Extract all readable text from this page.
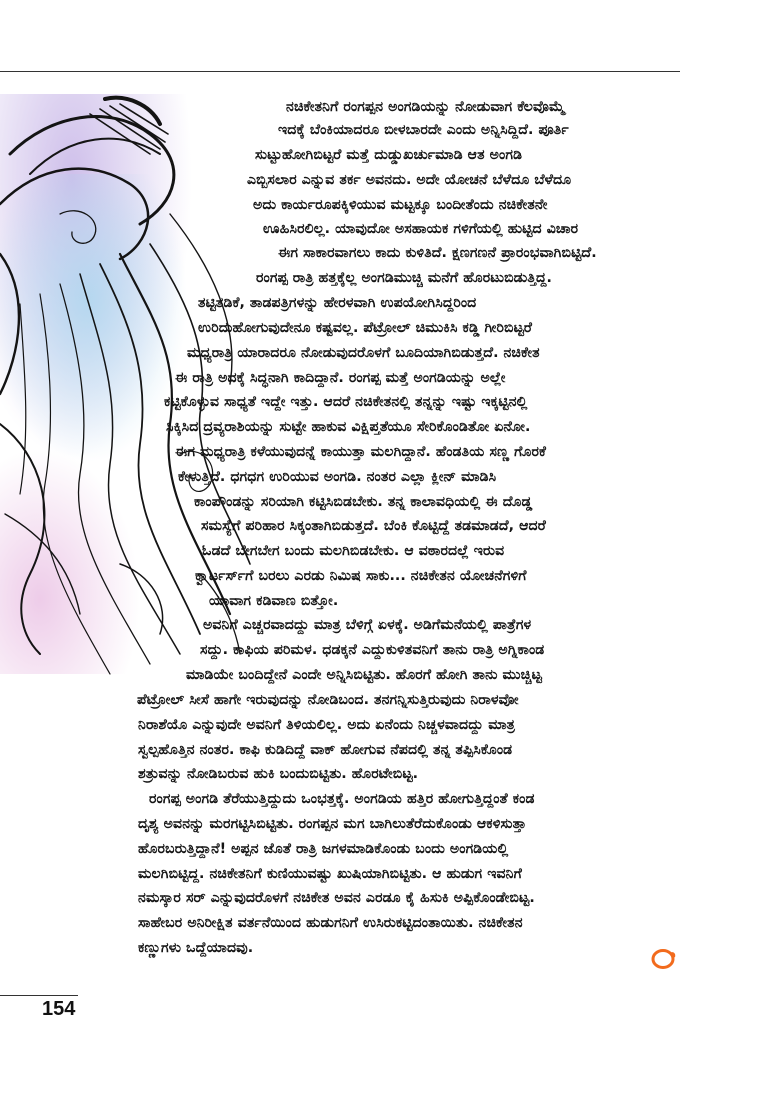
ನಚಿಕೇತನಿಗೆ ರಂಗಪ್ಪನ ಅಂಗಡಿಯನ್ನು ನೋಡುವಾಗ ಕೆಲವೊಮ್ಮೆ
ಇದಕ್ಕೆ ಬೆಂಕಿಯಾದರೂ ಬೀಳಬಾರದೇ ಎಂದು ಅನ್ನಿಸಿದ್ದಿದೆ. ಪೂರ್ತಿ
ಸುಟ್ಟುಹೋಗಿಬಿಟ್ಟರೆ ಮತ್ತೆ ದುಡ್ಡುಖರ್ಚುಮಾಡಿ ಆತ ಅಂಗಡಿ
ಎಬ್ಬಿಸಲಾರ ಎನ್ನುವ ತರ್ಕ ಅವನದು. ಅದೇ ಯೋಚನೆ ಬೆಳೆದೂ ಬೆಳೆದೂ
ಅದು ಕಾರ್ಯರೂಪಕ್ಕಿಳಿಯುವ ಮಟ್ಟಕ್ಕೂ ಬಂದೀತೆಂದು ನಚಿಕೇತನೇ
ಊಹಿಸಿರಲಿಲ್ಲ. ಯಾವುದೋ ಅಸಹಾಯಕ ಗಳಿಗೆಯಲ್ಲಿ ಹುಟ್ಟಿದ ವಿಚಾರ
ಈಗ ಸಾಕಾರವಾಗಲು ಕಾದು ಕುಳಿತಿದೆ. ಕ್ಷಣಗಣನೆ ಪ್ರಾರಂಭವಾಗಿಬಿಟ್ಟಿದೆ.
ರಂಗಪ್ಪ ರಾತ್ರಿ ಹತ್ತಕ್ಕೆಲ್ಲ ಅಂಗಡಿಮುಚ್ಚಿ ಮನೆಗೆ ಹೊರಟುಬಿಡುತ್ತಿದ್ದ.
ತಟ್ಟಿತಡಿಕೆ, ತಾಡಪತ್ರಿಗಳನ್ನು ಹೇರಳವಾಗಿ ಉಪಯೋಗಿಸಿದ್ದರಿಂದ
ಉರಿದುಹೋಗುವುದೇನೂ ಕಷ್ಟವಲ್ಲ. ಪೆಟ್ರೋಲ್ ಚಿಮುಕಿಸಿ ಕಡ್ಡಿ ಗೀರಿಬಿಟ್ಟರೆ
ಮಧ್ಯರಾತ್ರಿ ಯಾರಾದರೂ ನೋಡುವುದರೊಳಗೆ ಬೂದಿಯಾಗಿಬಿಡುತ್ತದೆ. ನಚಿಕೇತ
ಈ ರಾತ್ರಿ ಅದಕ್ಕೆ ಸಿದ್ಧನಾಗಿ ಕಾದಿದ್ದಾನೆ. ರಂಗಪ್ಪ ಮತ್ತೆ ಅಂಗಡಿಯನ್ನು ಅಲ್ಲೇ
ಕಟ್ಟಿಕೊಳ್ಳುವ ಸಾಧ್ಯತೆ ಇದ್ದೇ ಇತ್ತು. ಆದರೆ ನಚಿಕೇತನಲ್ಲಿ ತನ್ನನ್ನು ಇಷ್ಟು ಇಕ್ಕಟ್ಟಿನಲ್ಲಿ
ಸಿಕ್ಕಿಸಿದ ದ್ರವ್ಯರಾಶಿಯನ್ನು ಸುಟ್ಟೇ ಹಾಕುವ ವಿಕ್ಷಿಪ್ತತೆಯೂ ಸೇರಿಕೊಂಡಿತೋ ಏನೋ.
ಈಗ ಮಧ್ಯರಾತ್ರಿ ಕಳೆಯುವುದನ್ನೆ ಕಾಯುತ್ತಾ ಮಲಗಿದ್ದಾನೆ. ಹೆಂಡತಿಯ ಸಣ್ಣ ಗೊರಕೆ
ಕೇಳುತ್ತಿದೆ. ಧಗಧಗ ಉರಿಯುವ ಅಂಗಡಿ. ನಂತರ ಎಲ್ಲಾ ಕ್ಲೀನ್ ಮಾಡಿಸಿ
ಕಾಂಪೌಂಡನ್ನು ಸರಿಯಾಗಿ ಕಟ್ಟಿಸಿಬಿಡಬೇಕು. ತನ್ನ ಕಾಲಾವಧಿಯಲ್ಲಿ ಈ ದೊಡ್ಡ
ಸಮಸ್ಯೆಗೆ ಪರಿಹಾರ ಸಿಕ್ಕಂತಾಗಿಬಿಡುತ್ತದೆ. ಬೆಂಕಿ ಕೊಟ್ಟಿದ್ದೆ ತಡಮಾಡದೆ, ಆದರೆ
ಓಡದೆ ಬೇಗಬೇಗ ಬಂದು ಮಲಗಿಬಿಡಬೇಕು. ಆ ವಠಾರದಲ್ಲೆ ಇರುವ
ಕ್ವಾರ್ಟರ್ಸ್‌ಗೆ ಬರಲು ಎರಡು ನಿಮಿಷ ಸಾಕು... ನಚಿಕೇತನ ಯೋಚನೆಗಳಿಗೆ
ಯಾವಾಗ ಕಡಿವಾಣ ಬಿತ್ತೋ.
ಅವನಿಗೆ ಎಚ್ಚರವಾದದ್ದು ಮಾತ್ರ ಬೆಳಿಗ್ಗೆ ಏಳಕ್ಕೆ. ಅಡಿಗೆಮನೆಯಲ್ಲಿ ಪಾತ್ರೆಗಳ
ಸದ್ದು. ಕಾಫಿಯ ಪರಿಮಳ. ಧಡಕ್ಕನೆ ಎದ್ದುಕುಳಿತವನಿಗೆ ತಾನು ರಾತ್ರಿ ಅಗ್ನಿಕಾಂಡ
ಮಾಡಿಯೇ ಬಂದಿದ್ದೇನೆ ಎಂದೇ ಅನ್ನಿಸಿಬಿಟ್ಟಿತು. ಹೊರಗೆ ಹೋಗಿ ತಾನು ಮುಚ್ಚಿಟ್ಟ
ಪೆಟ್ರೋಲ್ ಸೀಸೆ ಹಾಗೇ ಇರುವುದನ್ನು ನೋಡಿಬಂದ. ತನಗನ್ನಿಸುತ್ತಿರುವುದು ನಿರಾಳವೋ
ನಿರಾಶೆಯೊ ಎನ್ನುವುದೇ ಅವನಿಗೆ ತಿಳಿಯಲಿಲ್ಲ. ಅದು ಏನೆಂದು ನಿಚ್ಚಳವಾದದ್ದು ಮಾತ್ರ
ಸ್ವಲ್ಪಹೊತ್ತಿನ ನಂತರ. ಕಾಫಿ ಕುಡಿದಿದ್ದೆ ವಾಕ್ ಹೋಗುವ ನೆಪದಲ್ಲಿ ತನ್ನ ತಪ್ಪಿಸಿಕೊಂಡ
ಶತ್ರುವನ್ನು ನೋಡಿಬರುವ ಹುಕಿ ಬಂದುಬಿಟ್ಟಿತು. ಹೊರಟೇಬಿಟ್ಟ.
ರಂಗಪ್ಪ ಅಂಗಡಿ ತೆರೆಯುತ್ತಿದ್ದುದು ಒಂಭತ್ತಕ್ಕೆ. ಅಂಗಡಿಯ ಹತ್ತಿರ ಹೋಗುತ್ತಿದ್ದಂತೆ ಕಂಡ
ದೃಶ್ಯ ಅವನನ್ನು ಮರಗಟ್ಟಿಸಿಬಿಟ್ಟಿತು. ರಂಗಪ್ಪನ ಮಗ ಬಾಗಿಲುತೆರೆದುಕೊಂಡು ಆಕಳಿಸುತ್ತಾ
ಹೊರಬರುತ್ತಿದ್ದಾನೆ! ಅಪ್ಪನ ಜೊತೆ ರಾತ್ರಿ ಜಗಳಮಾಡಿಕೊಂಡು ಬಂದು ಅಂಗಡಿಯಲ್ಲಿ
ಮಲಗಿಬಿಟ್ಟಿದ್ದ. ನಚಿಕೇತನಿಗೆ ಕುಣಿಯುವಷ್ಟು ಖುಷಿಯಾಗಿಬಿಟ್ಟಿತು. ಆ ಹುಡುಗ ಇವನಿಗೆ
ನಮಸ್ಕಾರ ಸರ್ ಎನ್ನುವುದರೊಳಗೆ ನಚಿಕೇತ ಅವನ ಎರಡೂ ಕೈ ಹಿಸುಕಿ ಅಪ್ಪಿಕೊಂಡೇಬಿಟ್ಟ.
ಸಾಹೇಬರ ಅನಿರೀಕ್ಷಿತ ವರ್ತನೆಯಿಂದ ಹುಡುಗನಿಗೆ ಉಸಿರುಕಟ್ಟಿದಂತಾಯಿತು. ನಚಿಕೇತನ
ಕಣ್ಣುಗಳು ಒದ್ದೆಯಾದವು.
154
